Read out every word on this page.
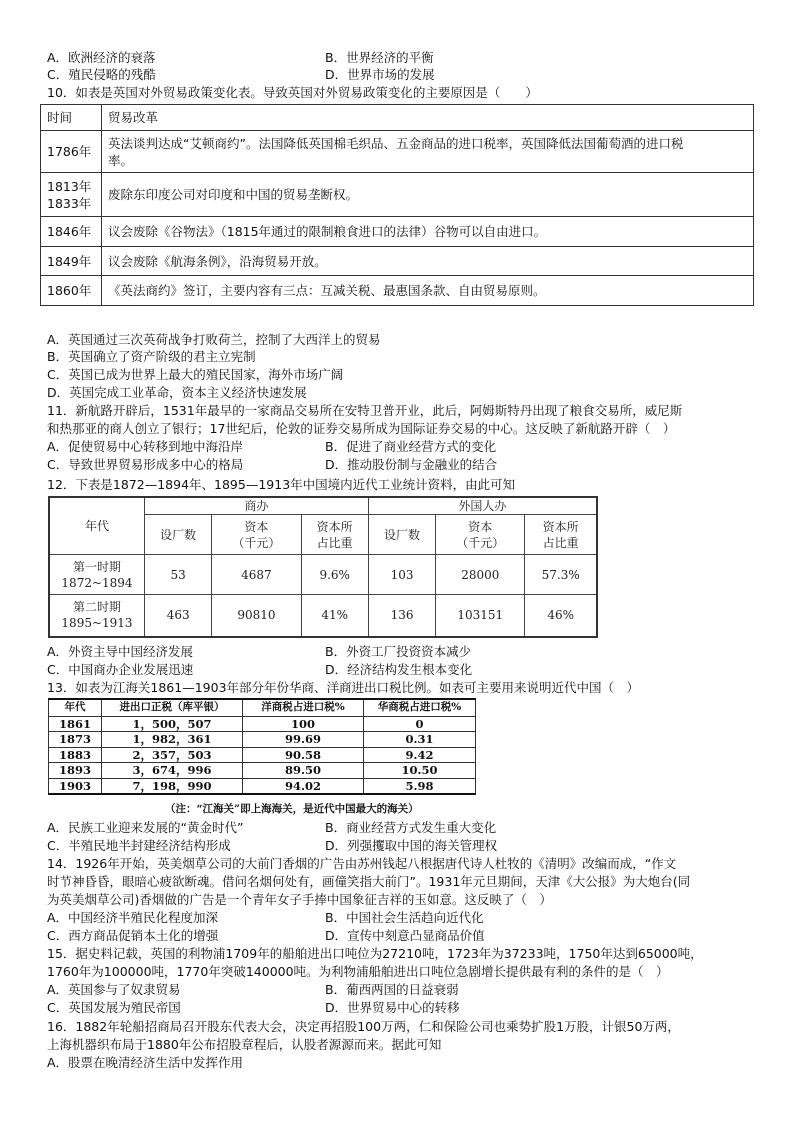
A．欧洲经济的衰落	B．世界经济的平衡
C．殖民侵略的残酷	D．世界市场的发展
10．如表是英国对外贸易政策变化表。导致英国对外贸易政策变化的主要原因是（　　）
时间	贸易改革
1786年	英法谈判达成“艾顿商约”。法国降低英国棉毛织品、五金商品的进口税率，英国降低法国葡萄酒的进口税
率。
1813年
1833年	废除东印度公司对印度和中国的贸易垄断权。
1846年	议会废除《谷物法》（1815年通过的限制粮食进口的法律）谷物可以自由进口。
1849年	议会废除《航海条例》，沿海贸易开放。
1860年	《英法商约》签订，主要内容有三点：互减关税、最惠国条款、自由贸易原则。
A．英国通过三次英荷战争打败荷兰，控制了大西洋上的贸易
B．英国确立了资产阶级的君主立宪制
C．英国已成为世界上最大的殖民国家，海外市场广阔
D．英国完成工业革命，资本主义经济快速发展
11．新航路开辟后，1531年最早的一家商品交易所在安特卫普开业，此后，阿姆斯特丹出现了粮食交易所，威尼斯
和热那亚的商人创立了银行；17世纪后，伦敦的证券交易所成为国际证券交易的中心。这反映了新航路开辟（　）
A．促使贸易中心转移到地中海沿岸	B．促进了商业经营方式的变化
C．导致世界贸易形成多中心的格局	D．推动股份制与金融业的结合
12．下表是1872—1894年、1895—1913年中国境内近代工业统计资料，由此可知
年代	商办			外国人办		
	设厂数	资本
（千元）	资本所
占比重	设厂数	资本
（千元）	资本所
占比重
第一时期
1872~1894	53	4687	9.6%	103	28000	57.3%
第二时期
1895~1913	463	90810	41%	136	103151	46%
A．外资主导中国经济发展	B．外资工厂投资资本减少
C．中国商办企业发展迅速	D．经济结构发生根本变化
13．如表为江海关1861—1903年部分年份华商、洋商进出口税比例。如表可主要用来说明近代中国（　）
年代	进出口正税（库平银）	洋商税占进口税%	华商税占进口税%
1861	1，500，507	100	0
1873	1，982，361	99.69	0.31
1883	2，357，503	90.58	9.42
1893	3，674，996	89.50	10.50
1903	7，198，990	94.02	5.98
（注：“江海关”即上海海关，是近代中国最大的海关）
A．民族工业迎来发展的“黄金时代”	B．商业经营方式发生重大变化
C．半殖民地半封建经济结构形成	D．列强攫取中国的海关管理权
14．1926年开始，英美烟草公司的大前门香烟的广告由苏州钱起八根据唐代诗人杜牧的《清明》改编而成，“作文
时节神昏昏，眼暗心疲欲断魂。借问名烟何处有，画僮笑指大前门”。1931年元旦期间，天津《大公报》为大炮台(同
为英美烟草公司)香烟做的广告是一个青年女子手捧中国象征吉祥的玉如意。这反映了（　）
A．中国经济半殖民化程度加深	B．中国社会生活趋向近代化
C．西方商品促销本土化的增强	D．宣传中刻意凸显商品价值
15．据史料记载，英国的利物浦1709年的船舶进出口吨位为27210吨，1723年为37233吨，1750年达到65000吨，
1760年为100000吨，1770年突破140000吨。为利物浦船舶进出口吨位急剧增长提供最有利的条件的是（　）
A．英国参与了奴隶贸易	B．葡西两国的日益衰弱
C．英国发展为殖民帝国	D．世界贸易中心的转移
16．1882年轮船招商局召开股东代表大会，决定再招股100万两，仁和保险公司也乘势扩股1万股，计银50万两，
上海机器织布局于1880年公布招股章程后，认股者源源而来。据此可知
A．股票在晚清经济生活中发挥作用
